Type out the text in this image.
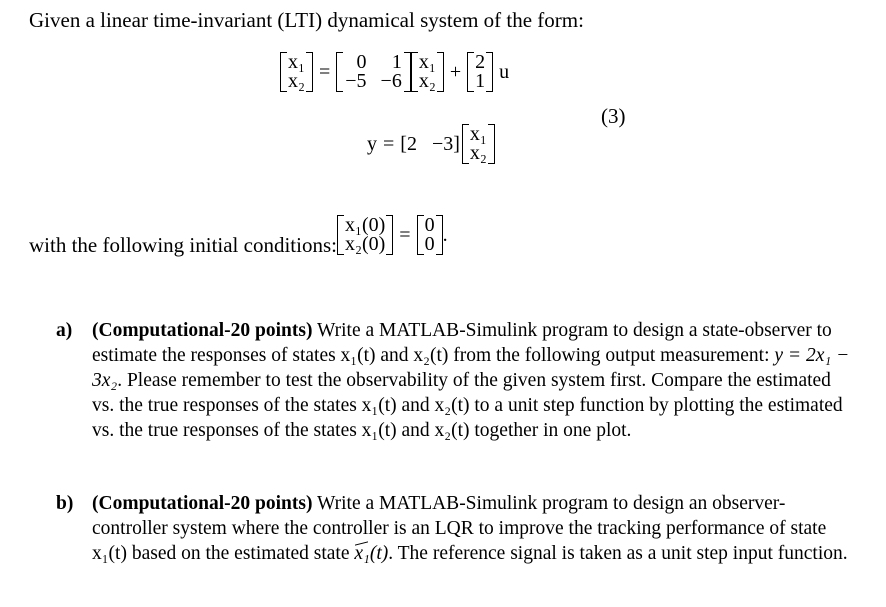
Given a linear time-invariant (LTI) dynamical system of the form:
x₁
x₂ =	0	1
−5 −6
x₁
x₂ + 2
1 u
(3)
y = [2   −3] x₁
x₂
with the following initial conditions:
x₁(0)
x₂(0) = 0
0 .
a) (Computational-20 points) Write a MATLAB-Simulink program to design a state-observer to estimate the responses of states x₁(t) and x₂(t) from the following output measurement: y = 2x₁ − 3x₂. Please remember to test the observability of the given system first. Compare the estimated vs. the true responses of the states x₁(t) and x₂(t) to a unit step function by plotting the estimated vs. the true responses of the states x₁(t) and x₂(t) together in one plot.
b) (Computational-20 points) Write a MATLAB-Simulink program to design an observer-controller system where the controller is an LQR to improve the tracking performance of state x₁(t) based on the estimated state x₁(t). The reference signal is taken as a unit step input function.
